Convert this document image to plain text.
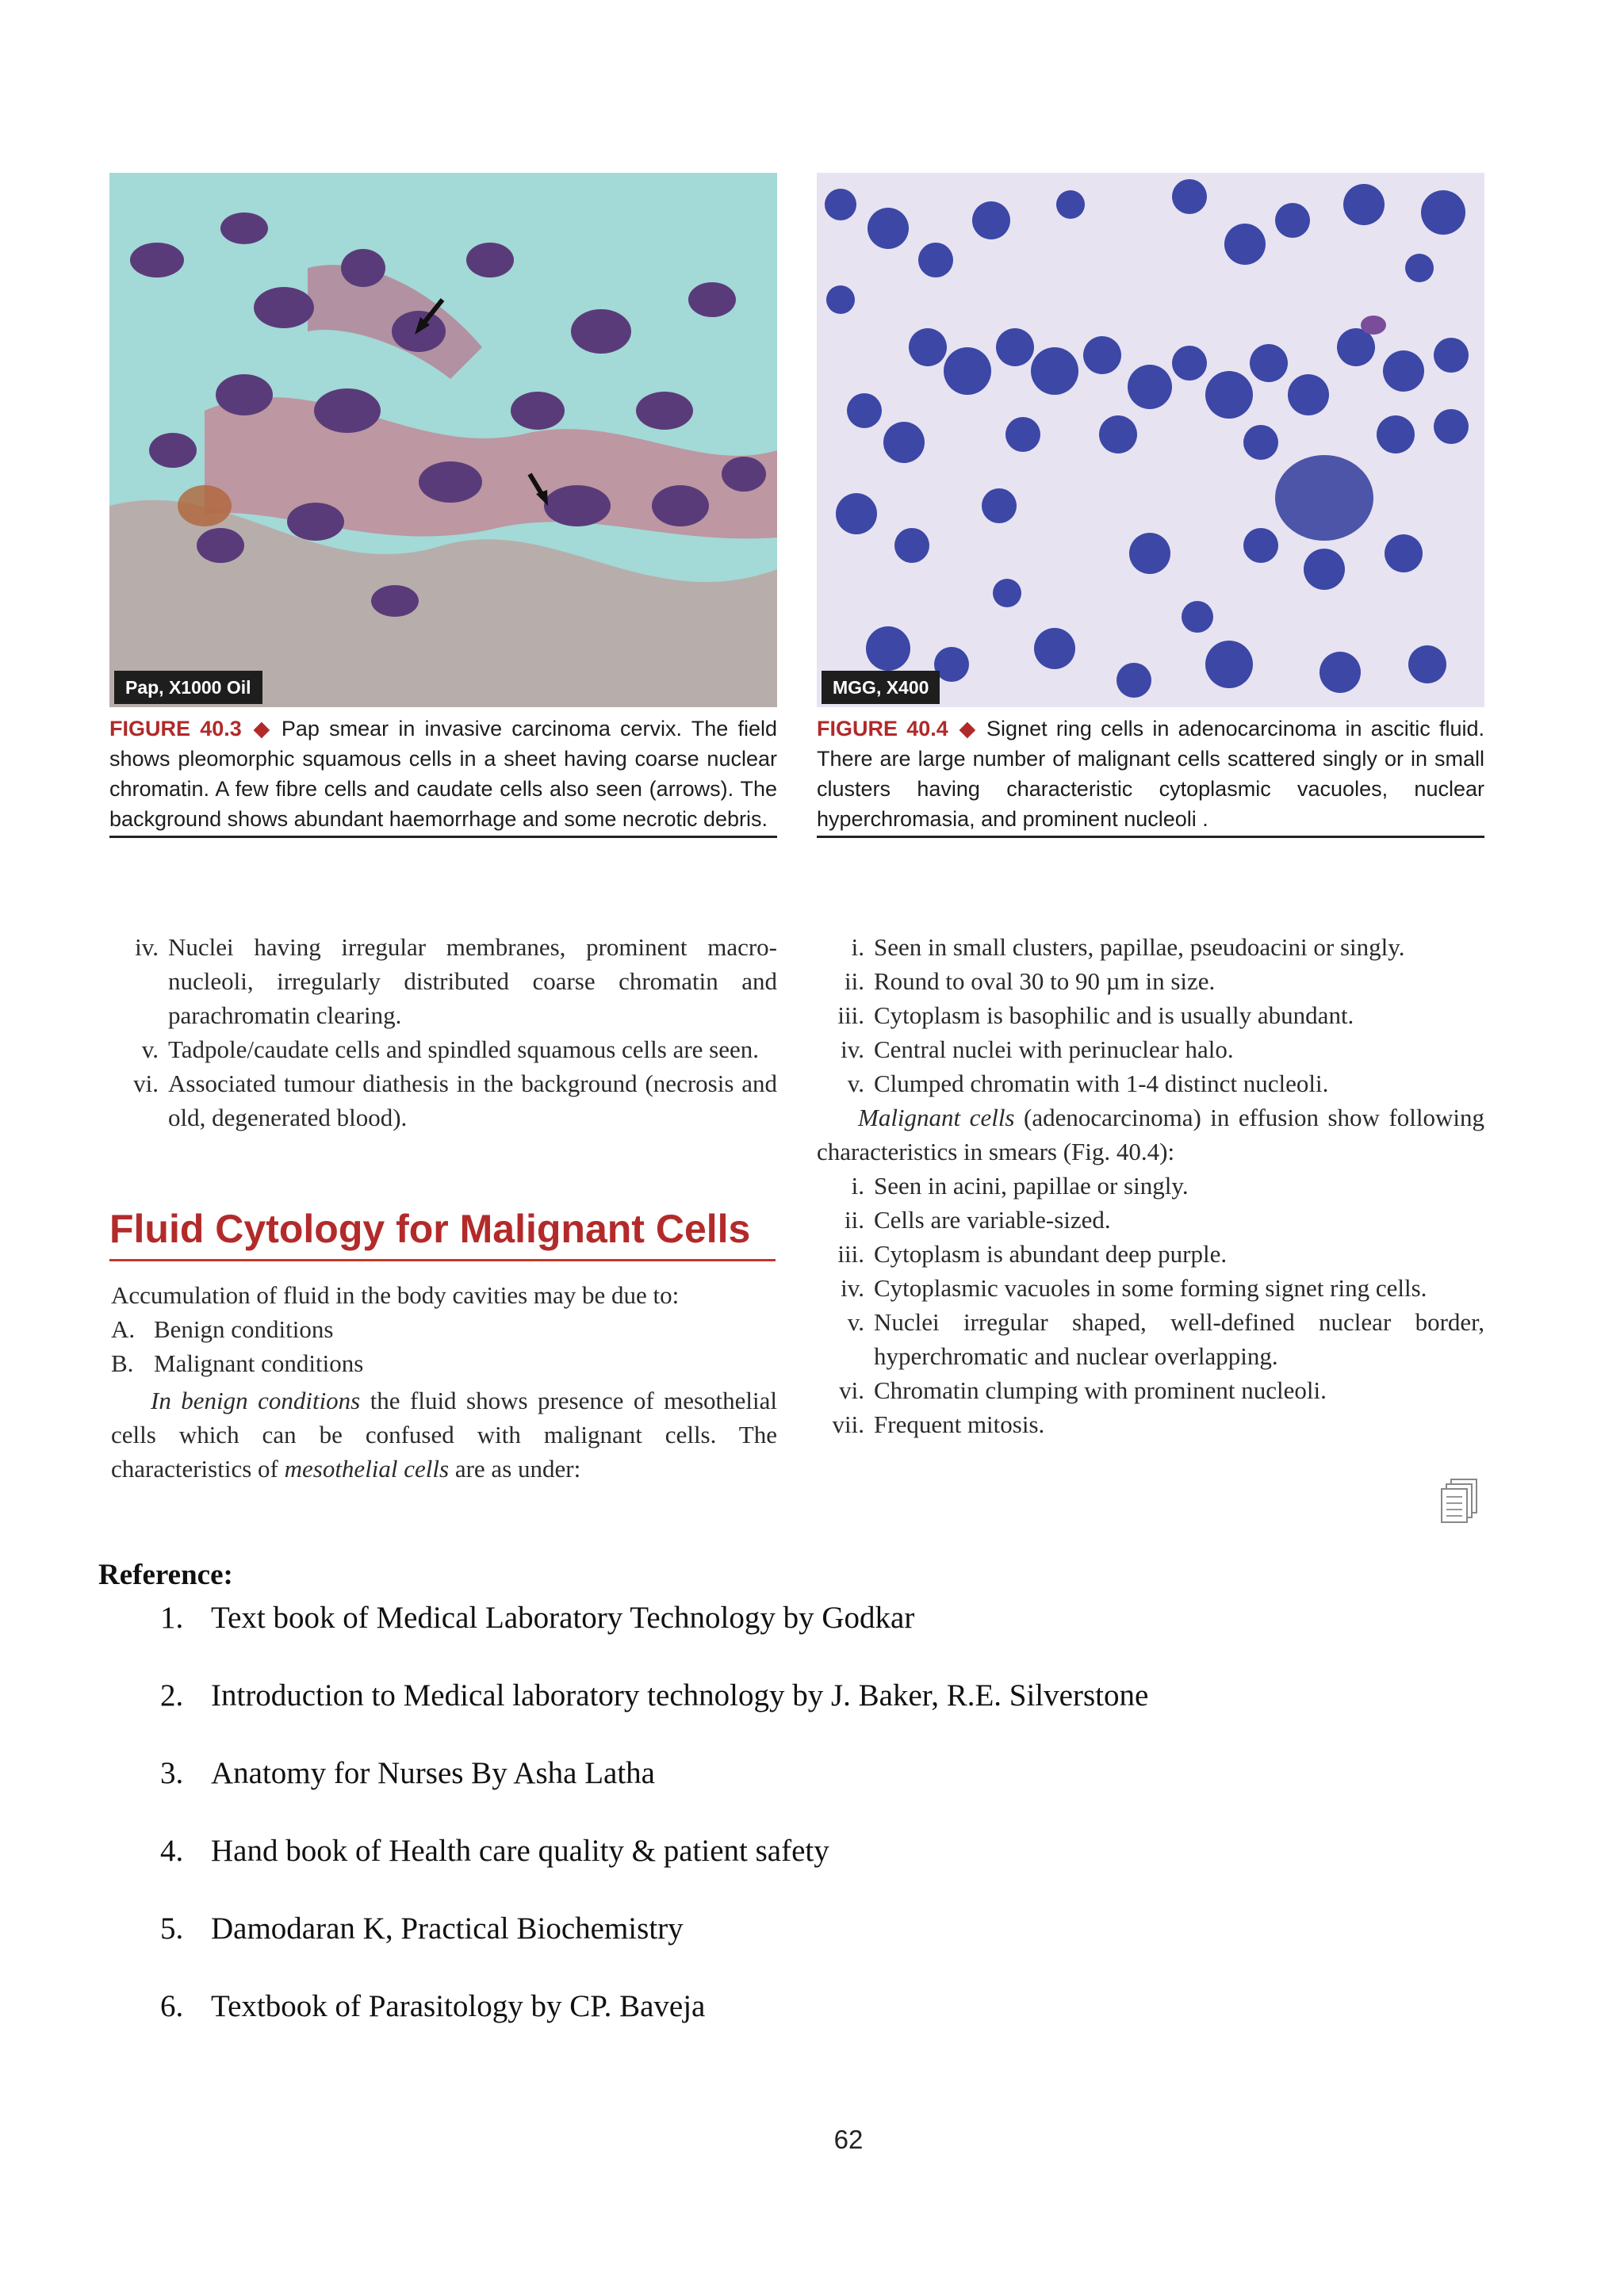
Pap, X1000 Oil
FIGURE 40.3 ◆ Pap smear in invasive carcinoma cervix. The field shows pleomorphic squamous cells in a sheet having coarse nuclear chromatin. A few fibre cells and caudate cells also seen (arrows). The background shows abundant haemorrhage and some necrotic debris.
MGG, X400
FIGURE 40.4 ◆ Signet ring cells in adenocarcinoma in ascitic fluid. There are large number of malignant cells scattered singly or in small clusters having characteristic cytoplasmic vacuoles, nuclear hyperchromasia, and prominent nucleoli .
iv. Nuclei having irregular membranes, prominent macro-nucleoli, irregularly distributed coarse chromatin and parachromatin clearing.
v. Tadpole/caudate cells and spindled squamous cells are seen.
vi. Associated tumour diathesis in the background (necrosis and old, degenerated blood).
Fluid Cytology for Malignant Cells
Accumulation of fluid in the body cavities may be due to:
A. Benign conditions
B. Malignant conditions
In benign conditions the fluid shows presence of mesothelial cells which can be confused with malignant cells. The characteristics of mesothelial cells are as under:
i. Seen in small clusters, papillae, pseudoacini or singly.
ii. Round to oval 30 to 90 µm in size.
iii. Cytoplasm is basophilic and is usually abundant.
iv. Central nuclei with perinuclear halo.
v. Clumped chromatin with 1-4 distinct nucleoli.
Malignant cells (adenocarcinoma) in effusion show following characteristics in smears (Fig. 40.4):
i. Seen in acini, papillae or singly.
ii. Cells are variable-sized.
iii. Cytoplasm is abundant deep purple.
iv. Cytoplasmic vacuoles in some forming signet ring cells.
v. Nuclei irregular shaped, well-defined nuclear border, hyperchromatic and nuclear overlapping.
vi. Chromatin clumping with prominent nucleoli.
vii. Frequent mitosis.
Reference:
1. Text book of Medical Laboratory Technology by Godkar
2. Introduction to Medical laboratory technology by J. Baker, R.E. Silverstone
3. Anatomy for Nurses By Asha Latha
4. Hand book of Health care quality & patient safety
5. Damodaran K, Practical Biochemistry
6. Textbook of Parasitology by CP. Baveja
62
